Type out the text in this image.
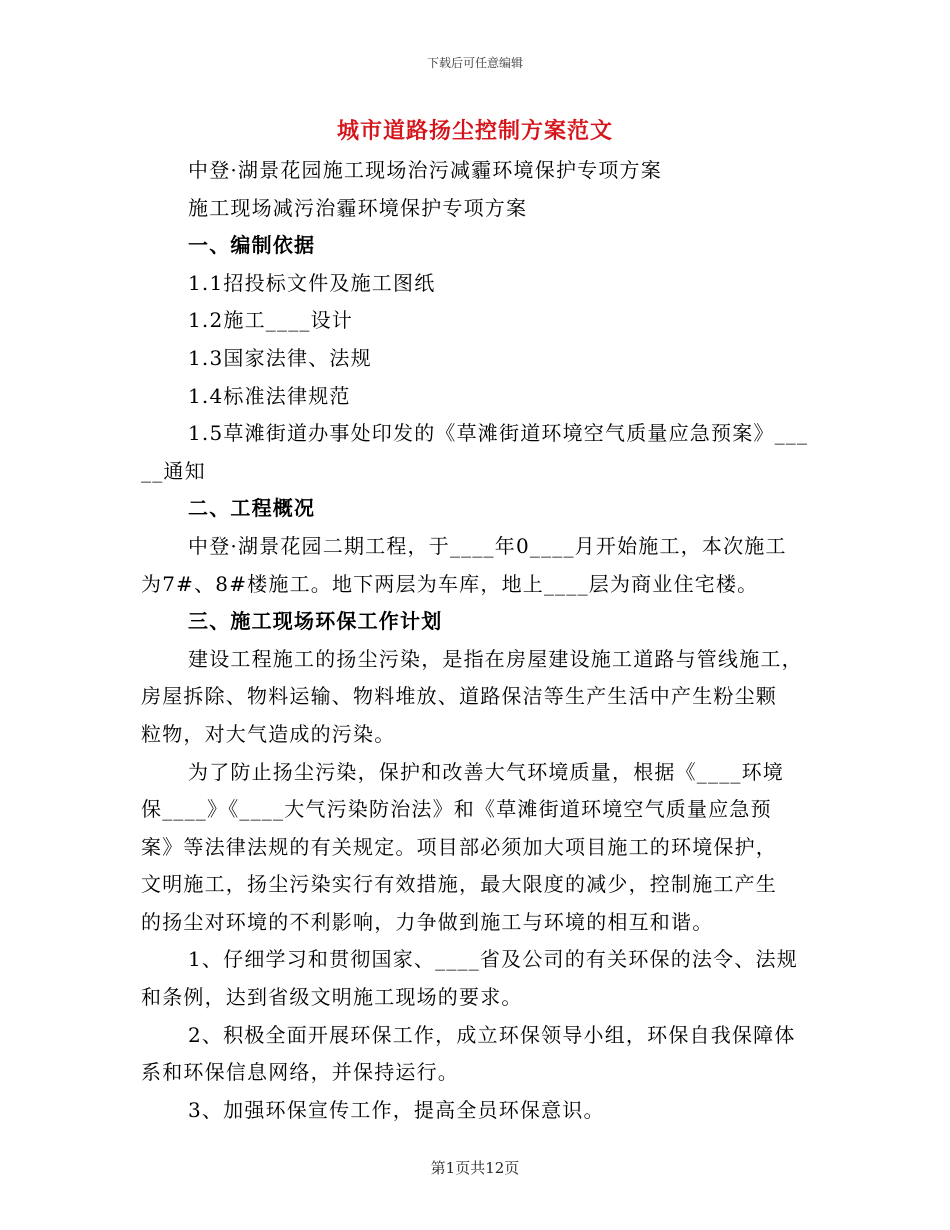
下载后可任意编辑
城市道路扬尘控制方案范文
中登·湖景花园施工现场治污减霾环境保护专项方案
施工现场减污治霾环境保护专项方案
一、编制依据
1.1招投标文件及施工图纸
1.2施工____设计
1.3国家法律、法规
1.4标准法律规范
1.5草滩街道办事处印发的《草滩街道环境空气质量应急预案》___
__通知
二、工程概况
中登·湖景花园二期工程，于____年0____月开始施工，本次施工
为7#、8#楼施工。地下两层为车库，地上____层为商业住宅楼。
三、施工现场环保工作计划
建设工程施工的扬尘污染，是指在房屋建设施工道路与管线施工，
房屋拆除、物料运输、物料堆放、道路保洁等生产生活中产生粉尘颗
粒物，对大气造成的污染。
为了防止扬尘污染，保护和改善大气环境质量，根据《____环境
保____》《____大气污染防治法》和《草滩街道环境空气质量应急预
案》等法律法规的有关规定。项目部必须加大项目施工的环境保护，
文明施工，扬尘污染实行有效措施，最大限度的减少，控制施工产生
的扬尘对环境的不利影响，力争做到施工与环境的相互和谐。
1、仔细学习和贯彻国家、____省及公司的有关环保的法令、法规
和条例，达到省级文明施工现场的要求。
2、积极全面开展环保工作，成立环保领导小组，环保自我保障体
系和环保信息网络，并保持运行。
3、加强环保宣传工作，提高全员环保意识。
第1页共12页
